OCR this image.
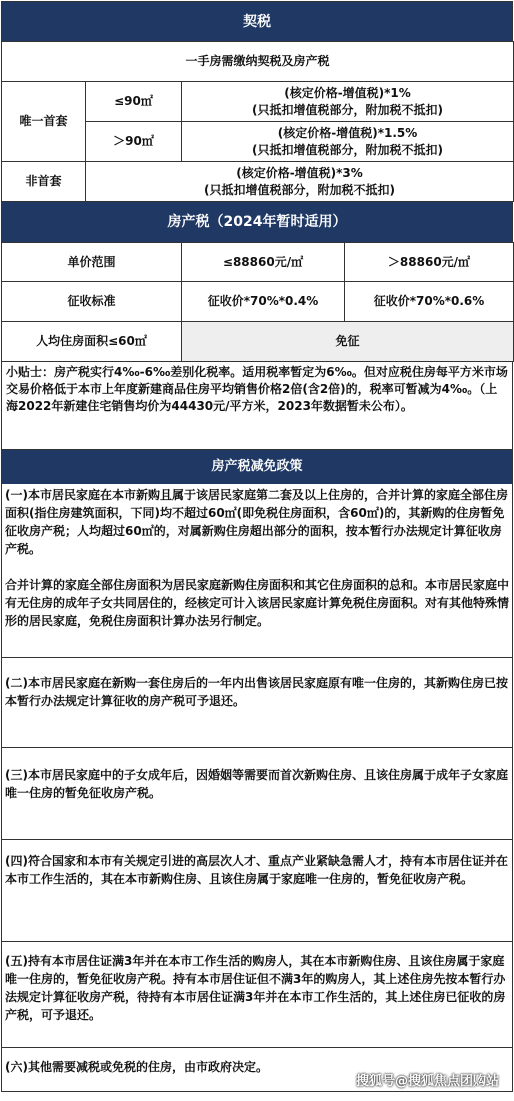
契税
一手房需缴纳契税及房产税		
唯一首套	≤90㎡	(核定价格-增值税)*1%
(只抵扣增值税部分，附加税不抵扣)

	＞90㎡	(核定价格-增值税)*1.5%
(只抵扣增值税部分，附加税不抵扣)

非首套	(核定价格-增值税)*3%
(只抵扣增值税部分，附加税不抵扣)	
房产税（2024年暂时适用）
单价范围	≤88860元/㎡	＞88860元/㎡
征收标准	征收价*70%*0.4%	征收价*70%*0.6%
人均住房面积≤60㎡	免征	
小贴士：房产税实行4‰-6‰差别化税率。适用税率暂定为6‰。但对应税住房每平方米市场交易价格低于本市上年度新建商品住房平均销售价格2倍(含2倍)的，税率可暂减为4‰。（上海2022年新建住宅销售均价为44430元/平方米，2023年数据暂未公布）。
房产税减免政策

(一)本市居民家庭在本市新购且属于该居民家庭第二套及以上住房的，合并计算的家庭全部住房面积(指住房建筑面积，下同)均不超过60㎡(即免税住房面积，含60㎡)的，其新购的住房暂免征收房产税；人均超过60㎡的，对属新购住房超出部分的面积，按本暂行办法规定计算征收房产税。

合并计算的家庭全部住房面积为居民家庭新购住房面积和其它住房面积的总和。本市居民家庭中有无住房的成年子女共同居住的，经核定可计入该居民家庭计算免税住房面积。对有其他特殊情形的居民家庭，免税住房面积计算办法另行制定。

(二)本市居民家庭在新购一套住房后的一年内出售该居民家庭原有唯一住房的，其新购住房已按本暂行办法规定计算征收的房产税可予退还。

(三)本市居民家庭中的子女成年后，因婚姻等需要而首次新购住房、且该住房属于成年子女家庭唯一住房的暂免征收房产税。

(四)符合国家和本市有关规定引进的高层次人才、重点产业紧缺急需人才，持有本市居住证并在本市工作生活的，其在本市新购住房、且该住房属于家庭唯一住房的，暂免征收房产税。

(五)持有本市居住证满3年并在本市工作生活的购房人，其在本市新购住房、且该住房属于家庭唯一住房的，暂免征收房产税。持有本市居住证但不满3年的购房人，其上述住房先按本暂行办法规定计算征收房产税，待持有本市居住证满3年并在本市工作生活的，其上述住房已征收的房产税，可予退还。

(六)其他需要减税或免税的住房，由市政府决定。

搜狐号@搜狐焦点团购站
